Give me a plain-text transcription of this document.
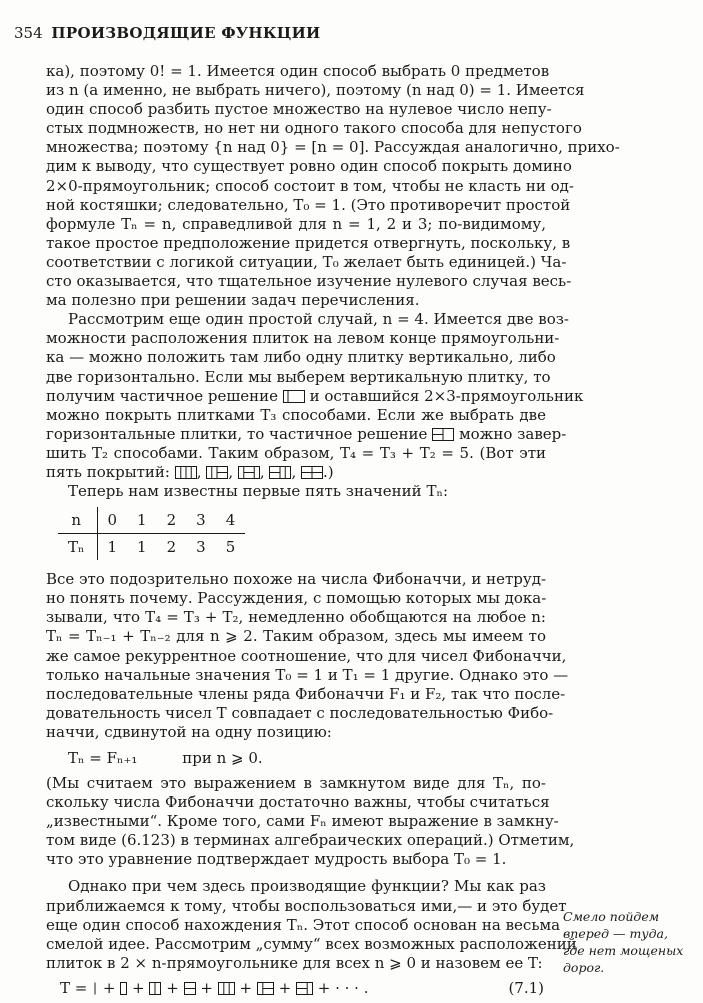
354 ПРОИЗВОДЯЩИЕ ФУНКЦИИ
ка), поэтому 0! = 1. Имеется один способ выбрать 0 предметов
из n (а именно, не выбрать ничего), поэтому (n над 0) = 1. Имеется
один способ разбить пустое множество на нулевое число непу-
стых подмножеств, но нет ни одного такого способа для непустого
множества; поэтому {n над 0} = [n = 0]. Рассуждая аналогично, прихо-
дим к выводу, что существует ровно один способ покрыть домино
2×0-прямоугольник; способ состоит в том, чтобы не класть ни од-
ной костяшки; следовательно, T₀ = 1. (Это противоречит простой
формуле Tₙ = n, справедливой для n = 1, 2 и 3; по-видимому,
такое простое предположение придется отвергнуть, поскольку, в
соответствии с логикой ситуации, T₀ желает быть единицей.) Ча-
сто оказывается, что тщательное изучение нулевого случая весь-
ма полезно при решении задач перечисления.
Рассмотрим еще один простой случай, n = 4. Имеется две воз-
можности расположения плиток на левом конце прямоугольни-
ка — можно положить там либо одну плитку вертикально, либо
две горизонтально. Если мы выберем вертикальную плитку, то
получим частичное решение и оставшийся 2×3-прямоугольник
можно покрыть плитками T₃ способами. Если же выбрать две
горизонтальные плитки, то частичное решение можно завер-
шить T₂ способами. Таким образом, T₄ = T₃ + T₂ = 5. (Вот эти
пять покрытий: , , , , .)
Теперь нам известны первые пять значений Tₙ:
n	0	1	2	3	4
Tₙ	1	1	2	3	5
Все это подозрительно похоже на числа Фибоначчи, и нетруд-
но понять почему. Рассуждения, с помощью которых мы дока-
зывали, что T₄ = T₃ + T₂, немедленно обобщаются на любое n:
Tₙ = Tₙ₋₁ + Tₙ₋₂ для n ⩾ 2. Таким образом, здесь мы имеем то
же самое рекуррентное соотношение, что для чисел Фибоначчи,
только начальные значения T₀ = 1 и T₁ = 1 другие. Однако это —
последовательные члены ряда Фибоначчи F₁ и F₂, так что после-
довательность чисел T совпадает с последовательностью Фибо-
наччи, сдвинутой на одну позицию:
Tₙ = Fₙ₊₁	при n ⩾ 0.
(Мы считаем это выражением в замкнутом виде для Tₙ, по-
скольку числа Фибоначчи достаточно важны, чтобы считаться
„известными“. Кроме того, сами Fₙ имеют выражение в замкну-
том виде (6.123) в терминах алгебраических операций.) Отметим,
что это уравнение подтверждает мудрость выбора T₀ = 1.
Однако при чем здесь производящие функции? Мы как раз
приближаемся к тому, чтобы воспользоваться ими,— и это будет
еще один способ нахождения Tₙ. Этот способ основан на весьма
смелой идее. Рассмотрим „сумму“ всех возможных расположений
плиток в 2 × n-прямоугольнике для всех n ⩾ 0 и назовем ее T:
T = + + + + + + + · · · .	(7.1)
Смело пойдем
вперед — туда,
где нет мощеных
дорог.
